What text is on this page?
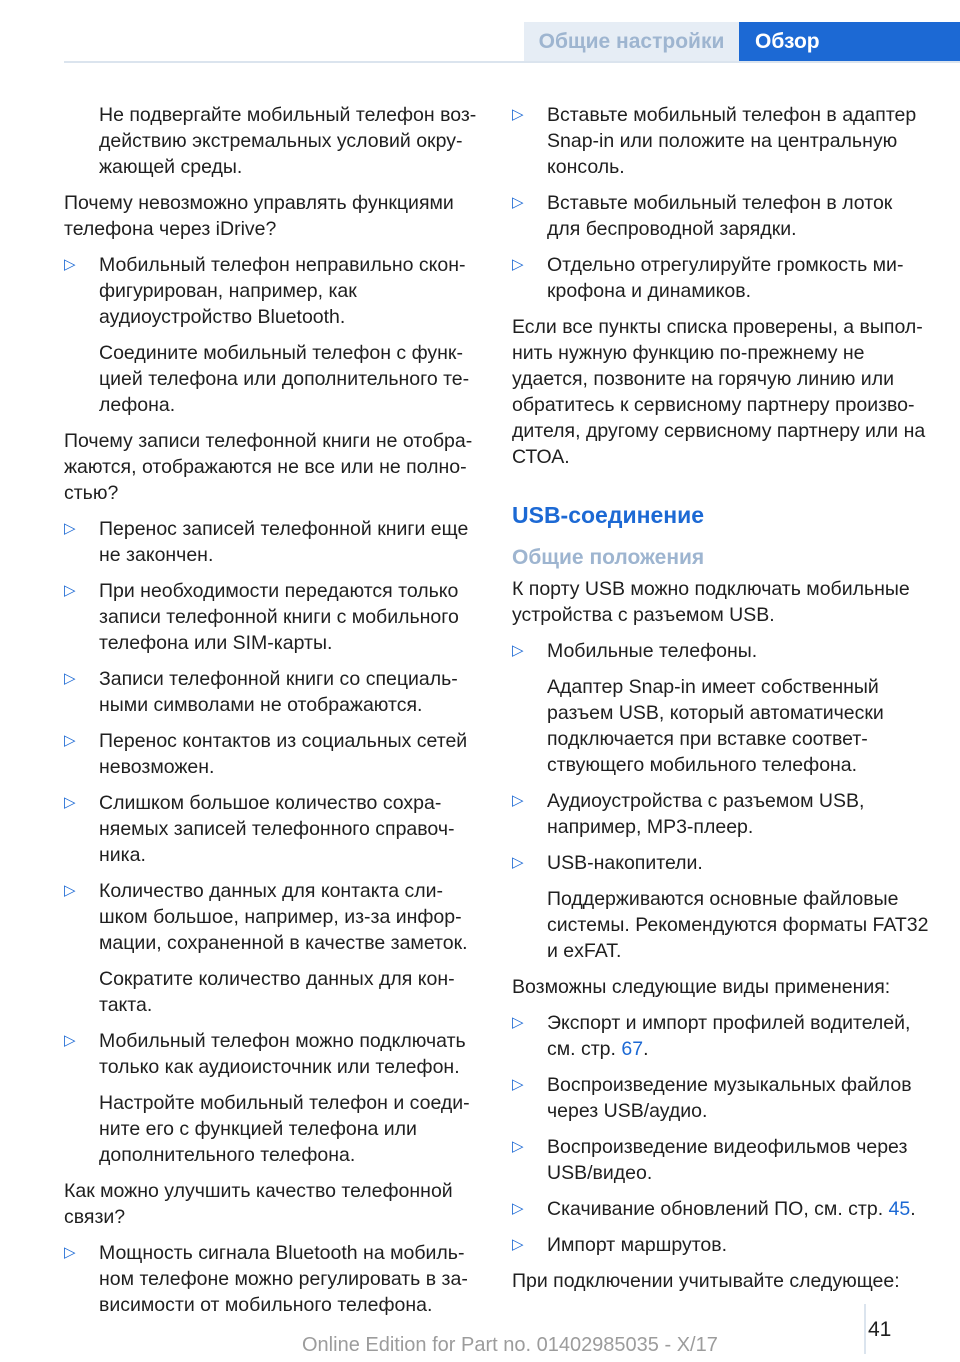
Общие настройки	Обзор

Не подвергайте мобильный телефон воздействию экстремальных условий окружающей среды.

Почему невозможно управлять функциями телефона через iDrive?

▷ Мобильный телефон неправильно сконфигурирован, например, как аудиоустройство Bluetooth.

Соедините мобильный телефон с функцией телефона или дополнительного телефона.

Почему записи телефонной книги не отображаются, отображаются не все или не полностью?

▷ Перенос записей телефонной книги еще не закончен.
▷ При необходимости передаются только записи телефонной книги с мобильного телефона или SIM-карты.
▷ Записи телефонной книги со специальными символами не отображаются.
▷ Перенос контактов из социальных сетей невозможен.
▷ Слишком большое количество сохраняемых записей телефонного справочника.
▷ Количество данных для контакта слишком большое, например, из-за информации, сохраненной в качестве заметок.

Сократите количество данных для контакта.

▷ Мобильный телефон можно подключать только как аудиоисточник или телефон.

Настройте мобильный телефон и соедините его с функцией телефона или дополнительного телефона.

Как можно улучшить качество телефонной связи?

▷ Мощность сигнала Bluetooth на мобильном телефоне можно регулировать в зависимости от мобильного телефона.
▷ Вставьте мобильный телефон в адаптер Snap-in или положите на центральную консоль.
▷ Вставьте мобильный телефон в лоток для беспроводной зарядки.
▷ Отдельно отрегулируйте громкость микрофона и динамиков.

Если все пункты списка проверены, а выполнить нужную функцию по-прежнему не удается, позвоните на горячую линию или обратитесь к сервисному партнеру производителя, другому сервисному партнеру или на СТОА.

USB-соединение
Общие положения

К порту USB можно подключать мобильные устройства с разъемом USB.

▷ Мобильные телефоны.

Адаптер Snap-in имеет собственный разъем USB, который автоматически подключается при вставке соответствующего мобильного телефона.

▷ Аудиоустройства с разъемом USB, например, MP3-плеер.
▷ USB-накопители.

Поддерживаются основные файловые системы. Рекомендуются форматы FAT32 и exFAT.

Возможны следующие виды применения:

▷ Экспорт и импорт профилей водителей, см. стр. 67.
▷ Воспроизведение музыкальных файлов через USB/аудио.
▷ Воспроизведение видеофильмов через USB/видео.
▷ Скачивание обновлений ПО, см. стр. 45.
▷ Импорт маршрутов.

При подключении учитывайте следующее:

41
Online Edition for Part no. 01402985035 - X/17
